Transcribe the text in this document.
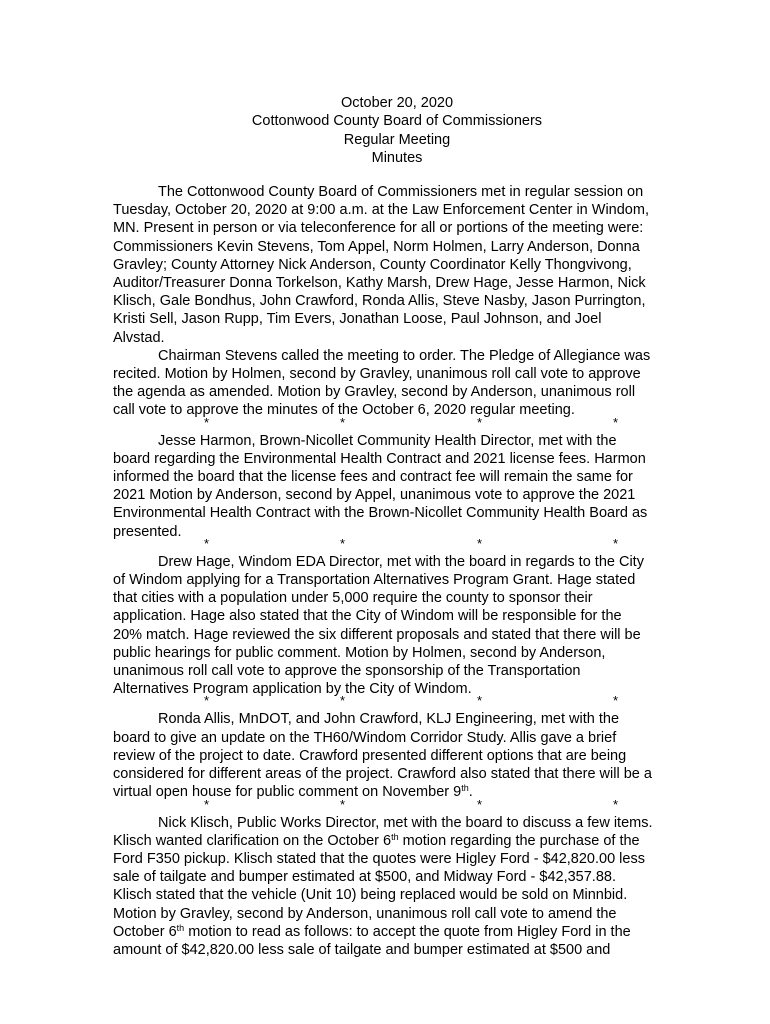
October 20, 2020
Cottonwood County Board of Commissioners
Regular Meeting
Minutes
The Cottonwood County Board of Commissioners met in regular session on
Tuesday, October 20, 2020 at 9:00 a.m. at the Law Enforcement Center in Windom,
MN. Present in person or via teleconference for all or portions of the meeting were:
Commissioners Kevin Stevens, Tom Appel, Norm Holmen, Larry Anderson, Donna
Gravley; County Attorney Nick Anderson, County Coordinator Kelly Thongvivong,
Auditor/Treasurer Donna Torkelson, Kathy Marsh, Drew Hage, Jesse Harmon, Nick
Klisch, Gale Bondhus, John Crawford, Ronda Allis, Steve Nasby, Jason Purrington,
Kristi Sell, Jason Rupp, Tim Evers, Jonathan Loose, Paul Johnson, and Joel
Alvstad.
Chairman Stevens called the meeting to order. The Pledge of Allegiance was
recited. Motion by Holmen, second by Gravley, unanimous roll call vote to approve
the agenda as amended. Motion by Gravley, second by Anderson, unanimous roll
call vote to approve the minutes of the October 6, 2020 regular meeting.
*	*	*	*
Jesse Harmon, Brown-Nicollet Community Health Director, met with the
board regarding the Environmental Health Contract and 2021 license fees. Harmon
informed the board that the license fees and contract fee will remain the same for
2021 Motion by Anderson, second by Appel, unanimous vote to approve the 2021
Environmental Health Contract with the Brown-Nicollet Community Health Board as
presented.
*	*	*	*
Drew Hage, Windom EDA Director, met with the board in regards to the City
of Windom applying for a Transportation Alternatives Program Grant. Hage stated
that cities with a population under 5,000 require the county to sponsor their
application. Hage also stated that the City of Windom will be responsible for the
20% match. Hage reviewed the six different proposals and stated that there will be
public hearings for public comment. Motion by Holmen, second by Anderson,
unanimous roll call vote to approve the sponsorship of the Transportation
Alternatives Program application by the City of Windom.
*	*	*	*
Ronda Allis, MnDOT, and John Crawford, KLJ Engineering, met with the
board to give an update on the TH60/Windom Corridor Study. Allis gave a brief
review of the project to date. Crawford presented different options that are being
considered for different areas of the project. Crawford also stated that there will be a
virtual open house for public comment on November 9th.
*	*	*	*
Nick Klisch, Public Works Director, met with the board to discuss a few items.
Klisch wanted clarification on the October 6th motion regarding the purchase of the
Ford F350 pickup. Klisch stated that the quotes were Higley Ford - $42,820.00 less
sale of tailgate and bumper estimated at $500, and Midway Ford - $42,357.88.
Klisch stated that the vehicle (Unit 10) being replaced would be sold on Minnbid.
Motion by Gravley, second by Anderson, unanimous roll call vote to amend the
October 6th motion to read as follows: to accept the quote from Higley Ford in the
amount of $42,820.00 less sale of tailgate and bumper estimated at $500 and
